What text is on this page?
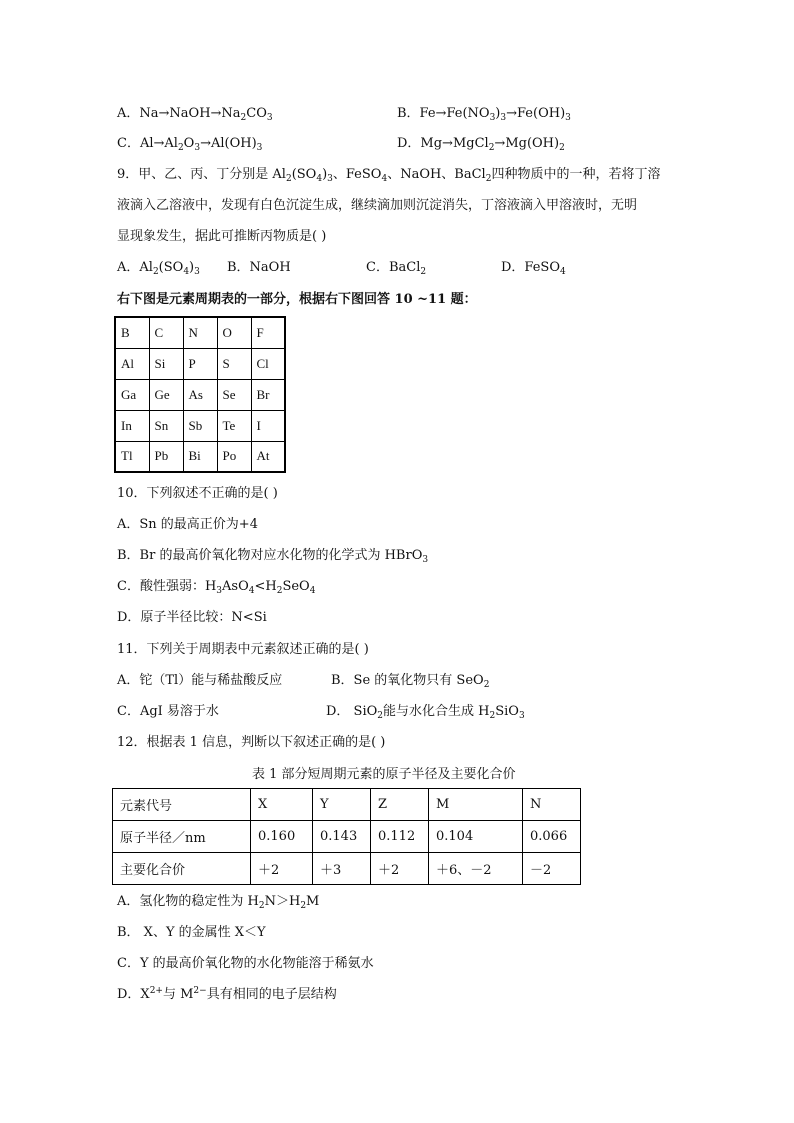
A．$Na\to NaOH\to Na_2CO_3$	B．$Fe\to Fe(NO_3)_3\to Fe(OH)_3$
C．$Al\to Al_2O_3\to Al(OH)_3$	D．$Mg\to MgCl_2\to Mg(OH)_2$
9．甲、乙、丙、丁分别是 $Al_2(SO_4)_3$、FeSO$_4$、NaOH、BaCl$_2$四种物质中的一种，若将丁溶
液滴入乙溶液中，发现有白色沉淀生成，继续滴加则沉淀消失，丁溶液滴入甲溶液时，无明
显现象发生，据此可推断丙物质是( )
A．$Al_2(SO_4)_3$ B．NaOH	C．BaCl$_2$	D．FeSO$_4$
右下图是元素周期表的一部分，根据右下图回答 10 ~11 题：
B	C	N	O	F
Al	Si	P	S	Cl
Ga	Ge	As	Se	Br
In	Sn	Sb	Te	I
Tl	Pb	Bi	Po	At
10．下列叙述不正确的是( )
A．Sn 的最高正价为+4
B．Br 的最高价氧化物对应水化物的化学式为 HBrO$_3$
C．酸性强弱：$H_3AsO_4<H_2SeO_4$
D．原子半径比较：N<Si
11．下列关于周期表中元素叙述正确的是( )
A．铊（Tl）能与稀盐酸反应	B．Se 的氧化物只有 SeO$_2$
C．AgI 易溶于水	D． SiO$_2$能与水化合生成 $H_2SiO_3$
12．根据表 1 信息，判断以下叙述正确的是( )
表 1 部分短周期元素的原子半径及主要化合价
元素代号	X	Y	Z	M	N
原子半径／nm	0.160	0.143	0.112	0.104	0.066
主要化合价	＋2	＋3	＋2	＋6、－2	－2
A．氢化物的稳定性为 $H_2N>H_2M$
B． X、Y 的金属性 X＜Y
C．Y 的最高价氧化物的水化物能溶于稀氨水
D．$X^{2+}$与 $M^{2-}$具有相同的电子层结构
